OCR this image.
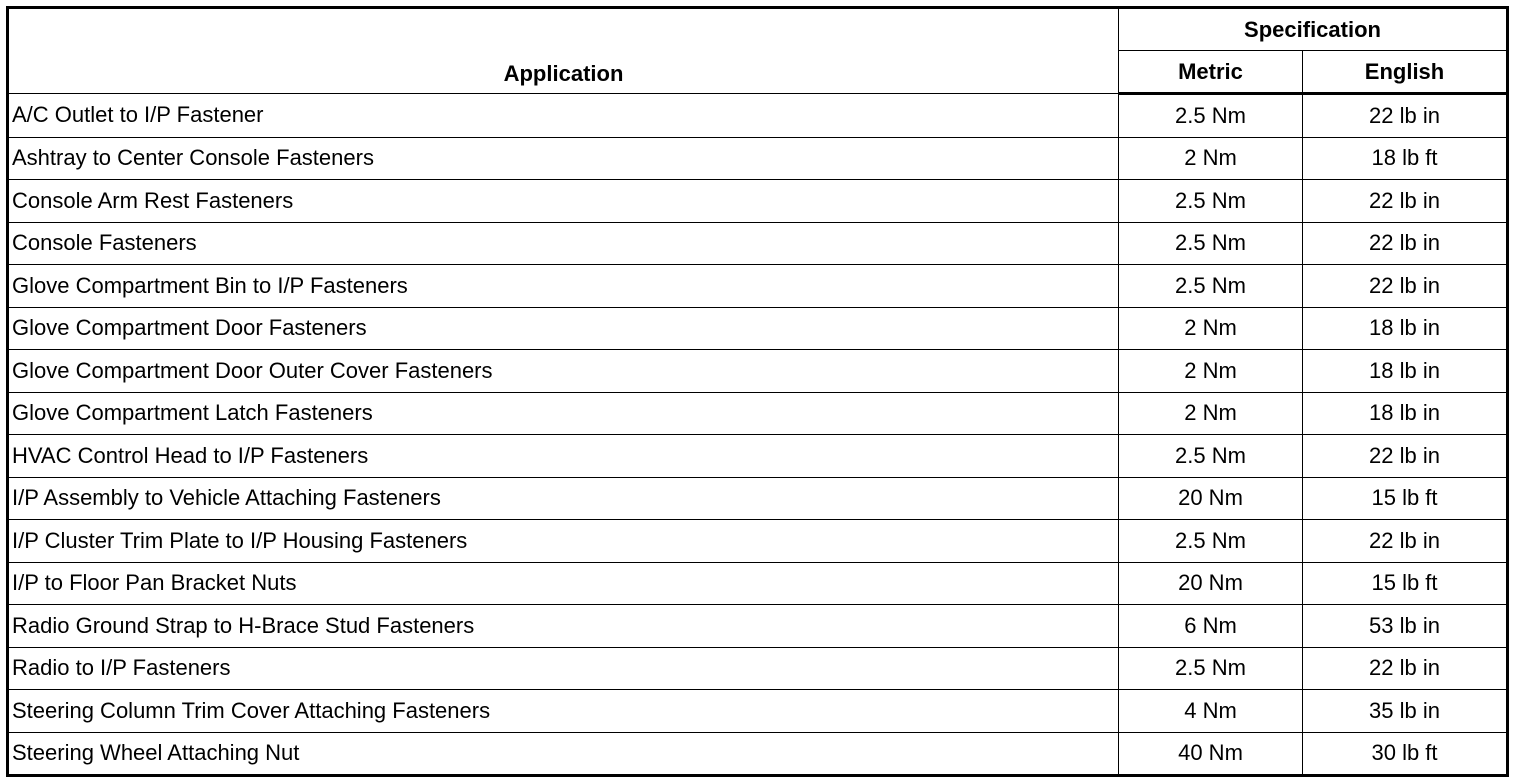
Application	Specification	
	Metric	English
A/C Outlet to I/P Fastener	2.5 Nm	22 lb in
Ashtray to Center Console Fasteners	2 Nm	18 lb ft
Console Arm Rest Fasteners	2.5 Nm	22 lb in
Console Fasteners	2.5 Nm	22 lb in
Glove Compartment Bin to I/P Fasteners	2.5 Nm	22 lb in
Glove Compartment Door Fasteners	2 Nm	18 lb in
Glove Compartment Door Outer Cover Fasteners	2 Nm	18 lb in
Glove Compartment Latch Fasteners	2 Nm	18 lb in
HVAC Control Head to I/P Fasteners	2.5 Nm	22 lb in
I/P Assembly to Vehicle Attaching Fasteners	20 Nm	15 lb ft
I/P Cluster Trim Plate to I/P Housing Fasteners	2.5 Nm	22 lb in
I/P to Floor Pan Bracket Nuts	20 Nm	15 lb ft
Radio Ground Strap to H-Brace Stud Fasteners	6 Nm	53 lb in
Radio to I/P Fasteners	2.5 Nm	22 lb in
Steering Column Trim Cover Attaching Fasteners	4 Nm	35 lb in
Steering Wheel Attaching Nut	40 Nm	30 lb ft
